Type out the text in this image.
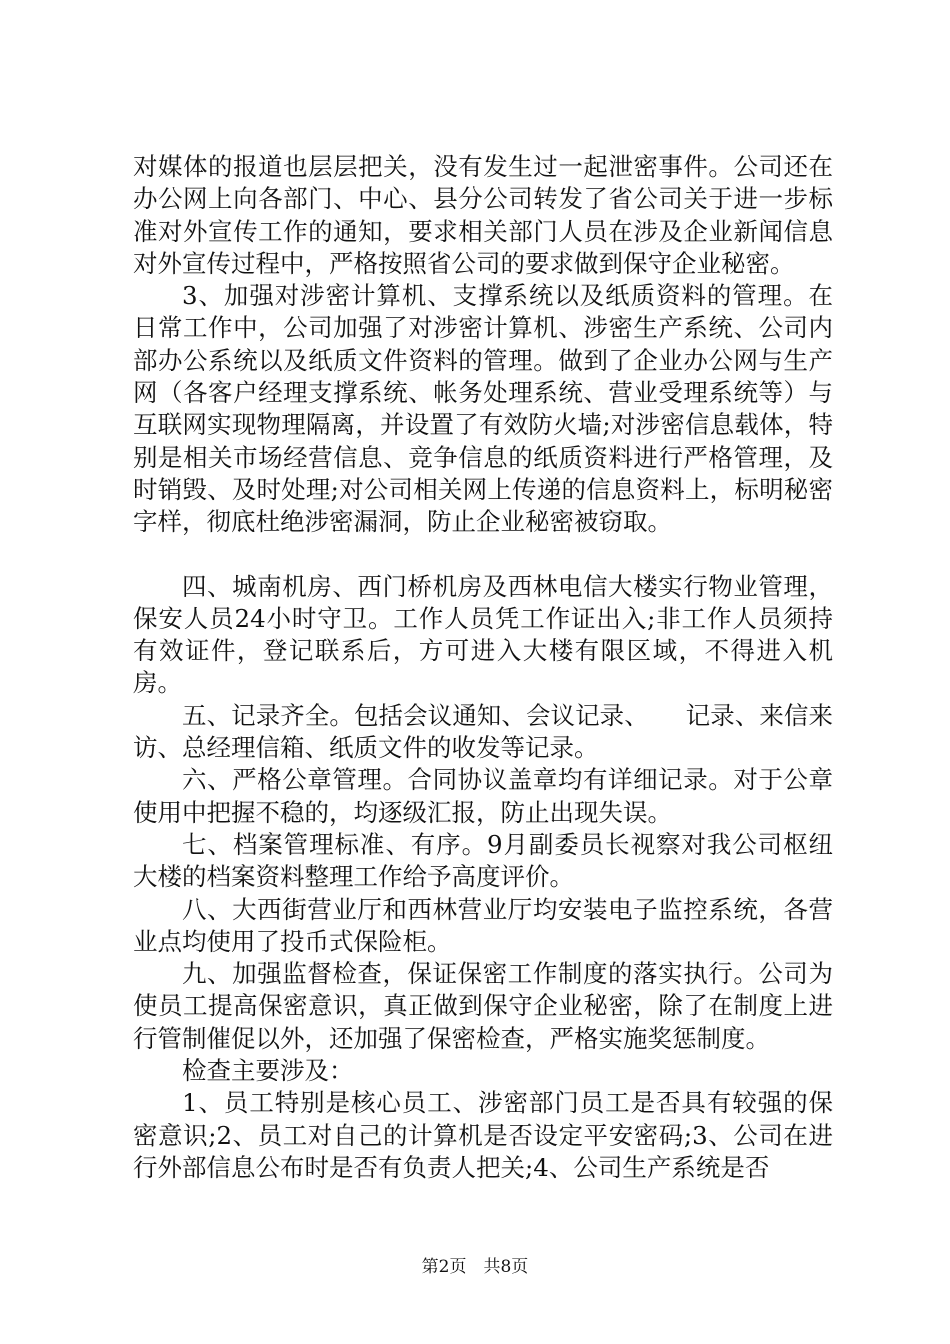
对媒体的报道也层层把关，没有发生过一起泄密事件。公司还在办公网上向各部门、中心、县分公司转发了省公司关于进一步标准对外宣传工作的通知，要求相关部门人员在涉及企业新闻信息对外宣传过程中，严格按照省公司的要求做到保守企业秘密。

3、加强对涉密计算机、支撑系统以及纸质资料的管理。在日常工作中，公司加强了对涉密计算机、涉密生产系统、公司内部办公系统以及纸质文件资料的管理。做到了企业办公网与生产网（各客户经理支撑系统、帐务处理系统、营业受理系统等）与互联网实现物理隔离，并设置了有效防火墙;对涉密信息载体，特别是相关市场经营信息、竞争信息的纸质资料进行严格管理，及时销毁、及时处理;对公司相关网上传递的信息资料上，标明秘密字样，彻底杜绝涉密漏洞，防止企业秘密被窃取。

四、城南机房、西门桥机房及西林电信大楼实行物业管理，保安人员24小时守卫。工作人员凭工作证出入;非工作人员须持有效证件，登记联系后，方可进入大楼有限区域，不得进入机房。

五、记录齐全。包括会议通知、会议记录、　　记录、来信来访、总经理信箱、纸质文件的收发等记录。

六、严格公章管理。合同协议盖章均有详细记录。对于公章使用中把握不稳的，均逐级汇报，防止出现失误。

七、档案管理标准、有序。9月副委员长视察对我公司枢纽大楼的档案资料整理工作给予高度评价。

八、大西街营业厅和西林营业厅均安装电子监控系统，各营业点均使用了投币式保险柜。

九、加强监督检查，保证保密工作制度的落实执行。公司为使员工提高保密意识，真正做到保守企业秘密，除了在制度上进行管制催促以外，还加强了保密检查，严格实施奖惩制度。

检查主要涉及：

1、员工特别是核心员工、涉密部门员工是否具有较强的保密意识;2、员工对自己的计算机是否设定平安密码;3、公司在进行外部信息公布时是否有负责人把关;4、公司生产系统是否

第2页　共8页
